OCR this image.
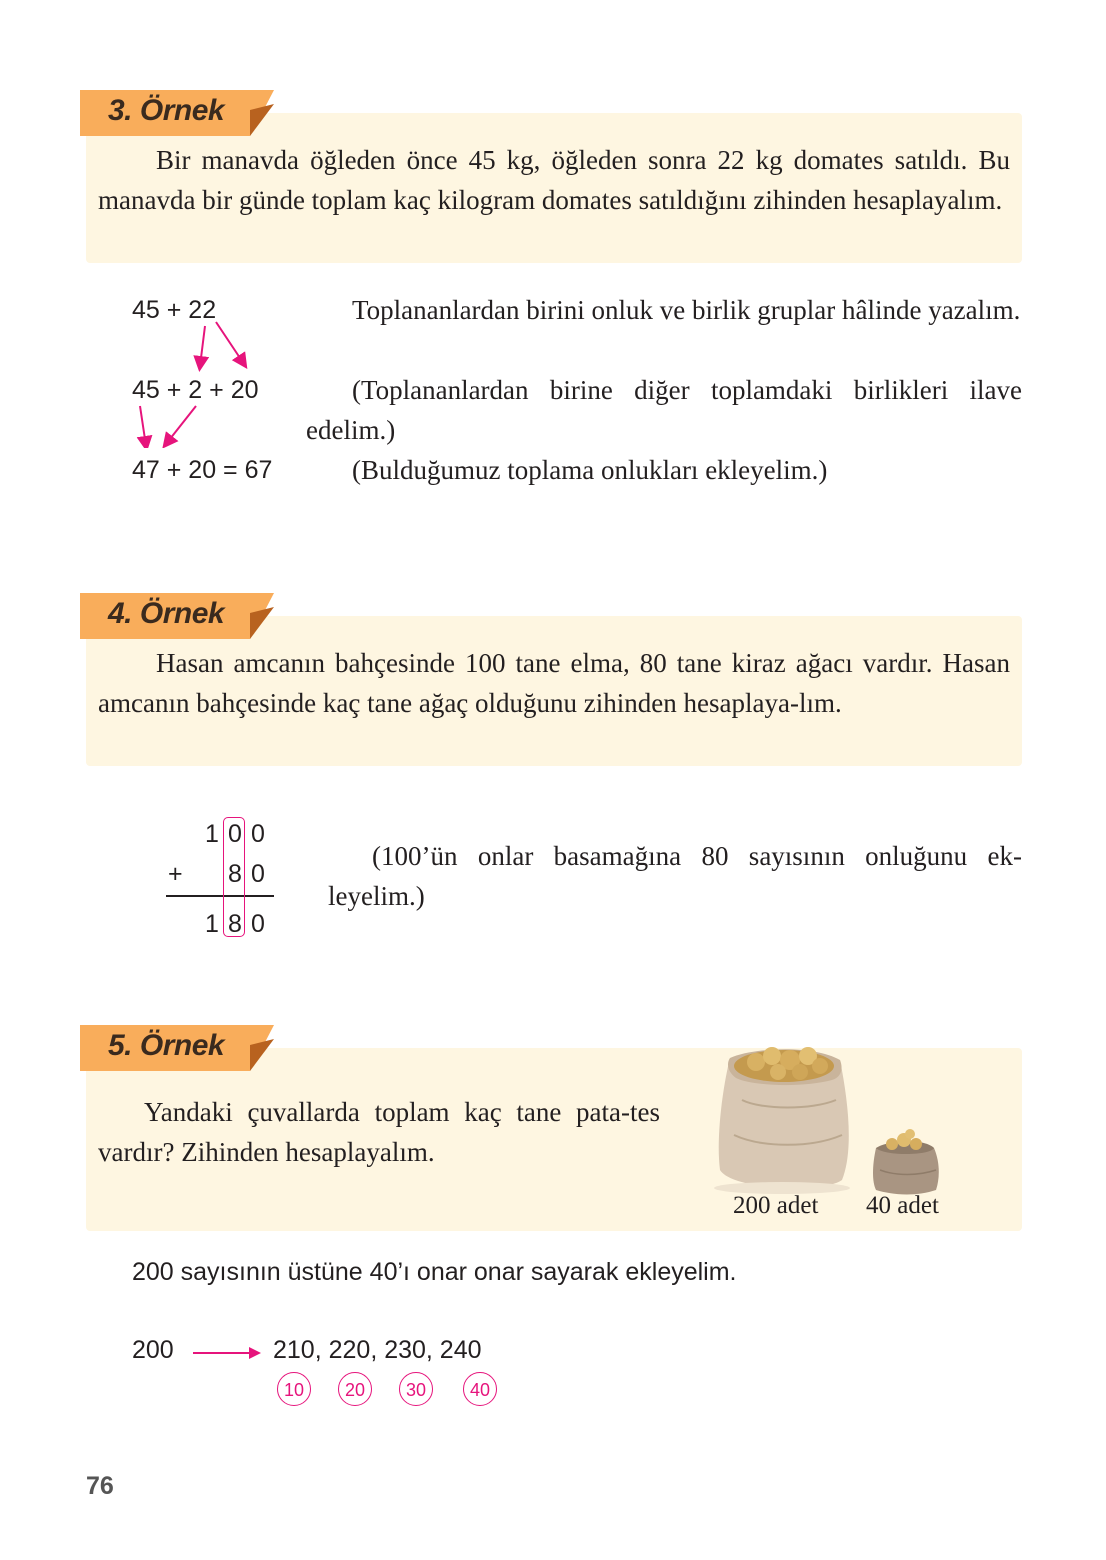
3. Örnek
Bir manavda öğleden önce 45 kg, öğleden sonra 22 kg domates satıldı. Bu manavda bir günde toplam kaç kilogram domates satıldığını zihinden hesaplayalım.
45 + 22
45 + 2 + 20
47 + 20 = 67
Toplananlardan birini onluk ve birlik gruplar hâlinde yazalım.
(Toplananlardan birine diğer toplamdaki birlikleri ilave edelim.)
(Bulduğumuz toplama onlukları ekleyelim.)
4. Örnek
Hasan amcanın bahçesinde 100 tane elma, 80 tane kiraz ağacı vardır. Hasan amcanın bahçesinde kaç tane ağaç olduğunu zihinden hesaplaya-lım.
1 0 0
+ 8 0
1 8 0
(100’ün onlar basamağına 80 sayısının onluğunu ek-leyelim.)
5. Örnek
Yandaki çuvallarda toplam kaç tane pata-tes vardır? Zihinden hesaplayalım.
200 adet 40 adet
200 sayısının üstüne 40’ı onar onar sayarak ekleyelim.
200	210, 220, 230, 240
10	20	30	40
76
